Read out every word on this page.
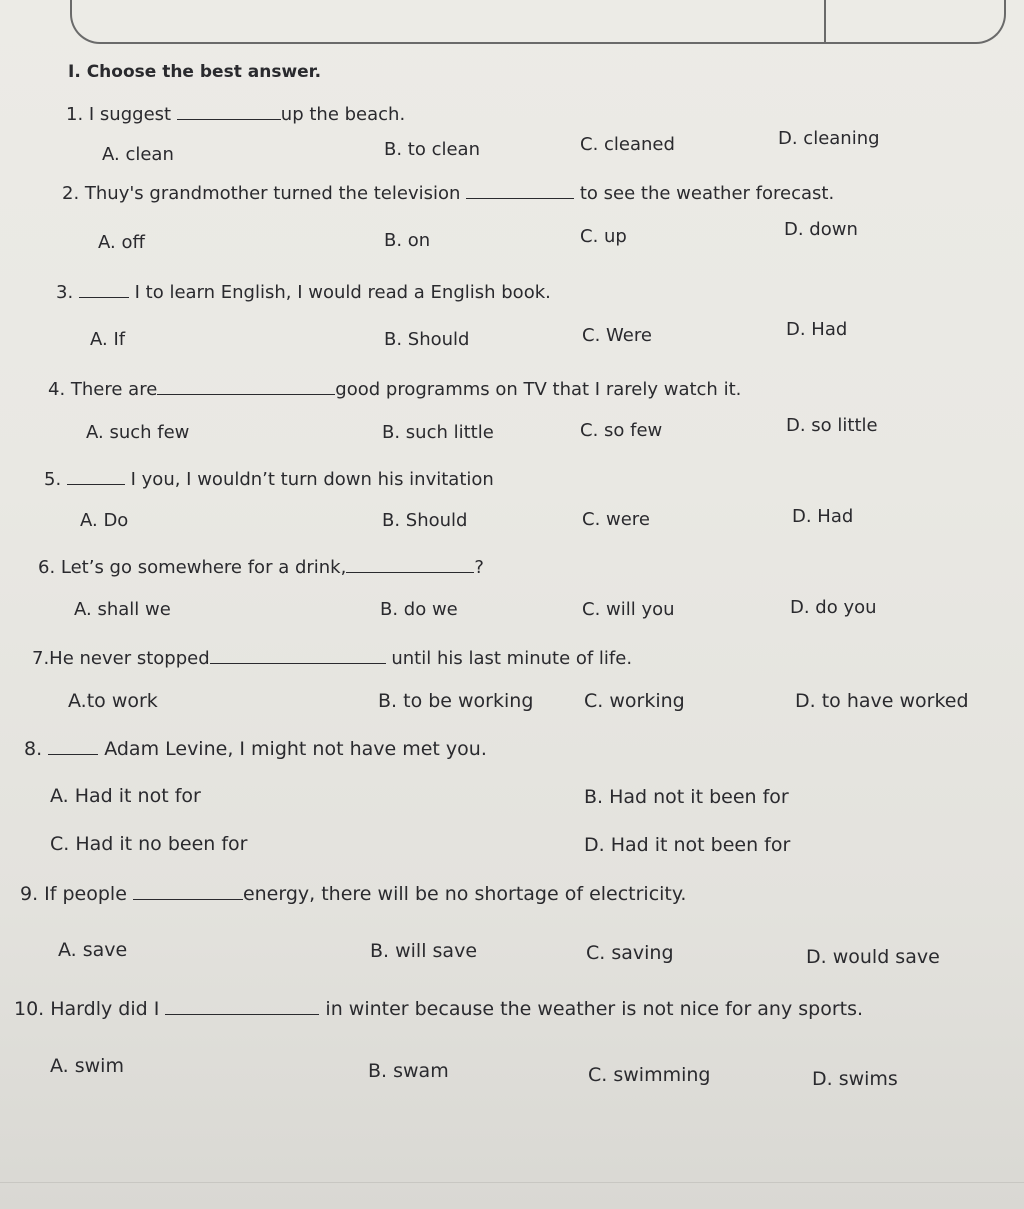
I. Choose the best answer.
1. I suggest	up the beach.
A. clean	B. to clean	C. cleaned	D. cleaning
2. Thuy's grandmother turned the television	to see the weather forecast.
A. off	B. on	C. up	D. down
3.	I to learn English, I would read a English book.
A. If	B. Should	C. Were	D. Had
4. There are	good programms on TV that I rarely watch it.
A. such few	B. such little	C. so few	D. so little
5.	I you, I wouldn’t turn down his invitation
A. Do	B. Should	C. were	D. Had
6. Let’s go somewhere for a drink,	?
A. shall we	B. do we	C. will you	D. do you
7.He never stopped	until his last minute of life.
A.to work	B. to be working	C. working	D. to have worked
8.	Adam Levine, I might not have met you.
A. Had it not for	B. Had not it been for
C. Had it no been for	D. Had it not been for
9. If people	energy, there will be no shortage of electricity.
A. save	B. will save	C. saving	D. would save
10. Hardly did I	in winter because the weather is not nice for any sports.
A. swim	B. swam	C. swimming	D. swims
